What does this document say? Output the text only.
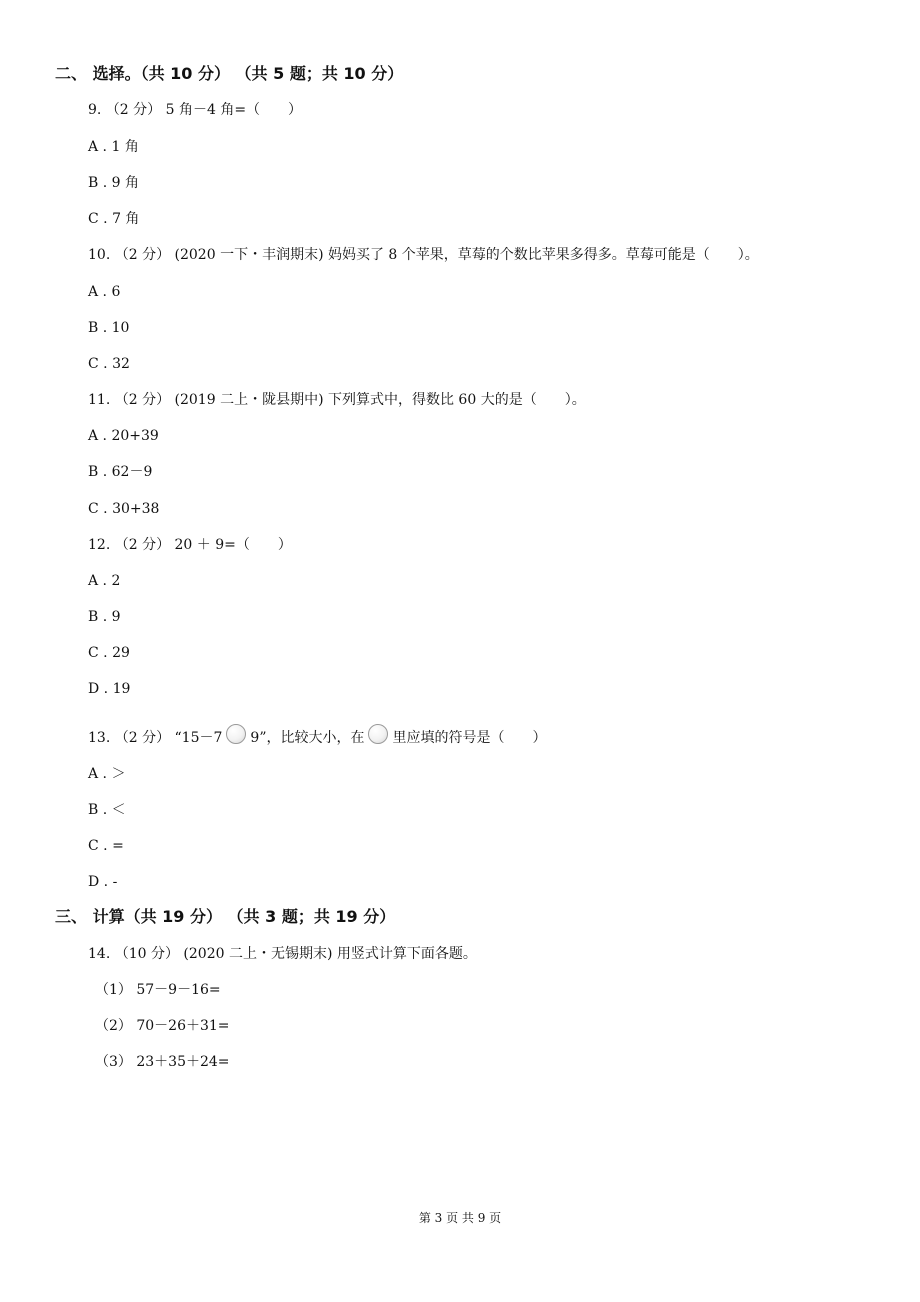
二、 选择。（共 10 分） （共 5 题；共 10 分）
9. （2 分） 5 角－4 角=（　　）
A . 1 角
B . 9 角
C . 7 角
10. （2 分） (2020 一下・丰润期末) 妈妈买了 8 个苹果，草莓的个数比苹果多得多。草莓可能是（　　）。
A . 6
B . 10
C . 32
11. （2 分） (2019 二上・陇县期中) 下列算式中，得数比 60 大的是（　　）。
A . 20+39
B . 62－9
C . 30+38
12. （2 分） 20 ＋ 9=（　　）
A . 2
B . 9
C . 29
D . 19
13. （2 分） “15－7 9”，比较大小，在 里应填的符号是（　　）
A . ＞
B . ＜
C . =
D . -
三、 计算（共 19 分） （共 3 题；共 19 分）
14. （10 分） (2020 二上・无锡期末) 用竖式计算下面各题。
（1） 57－9－16=
（2） 70－26＋31=
（3） 23＋35＋24=
第 3 页 共 9 页
